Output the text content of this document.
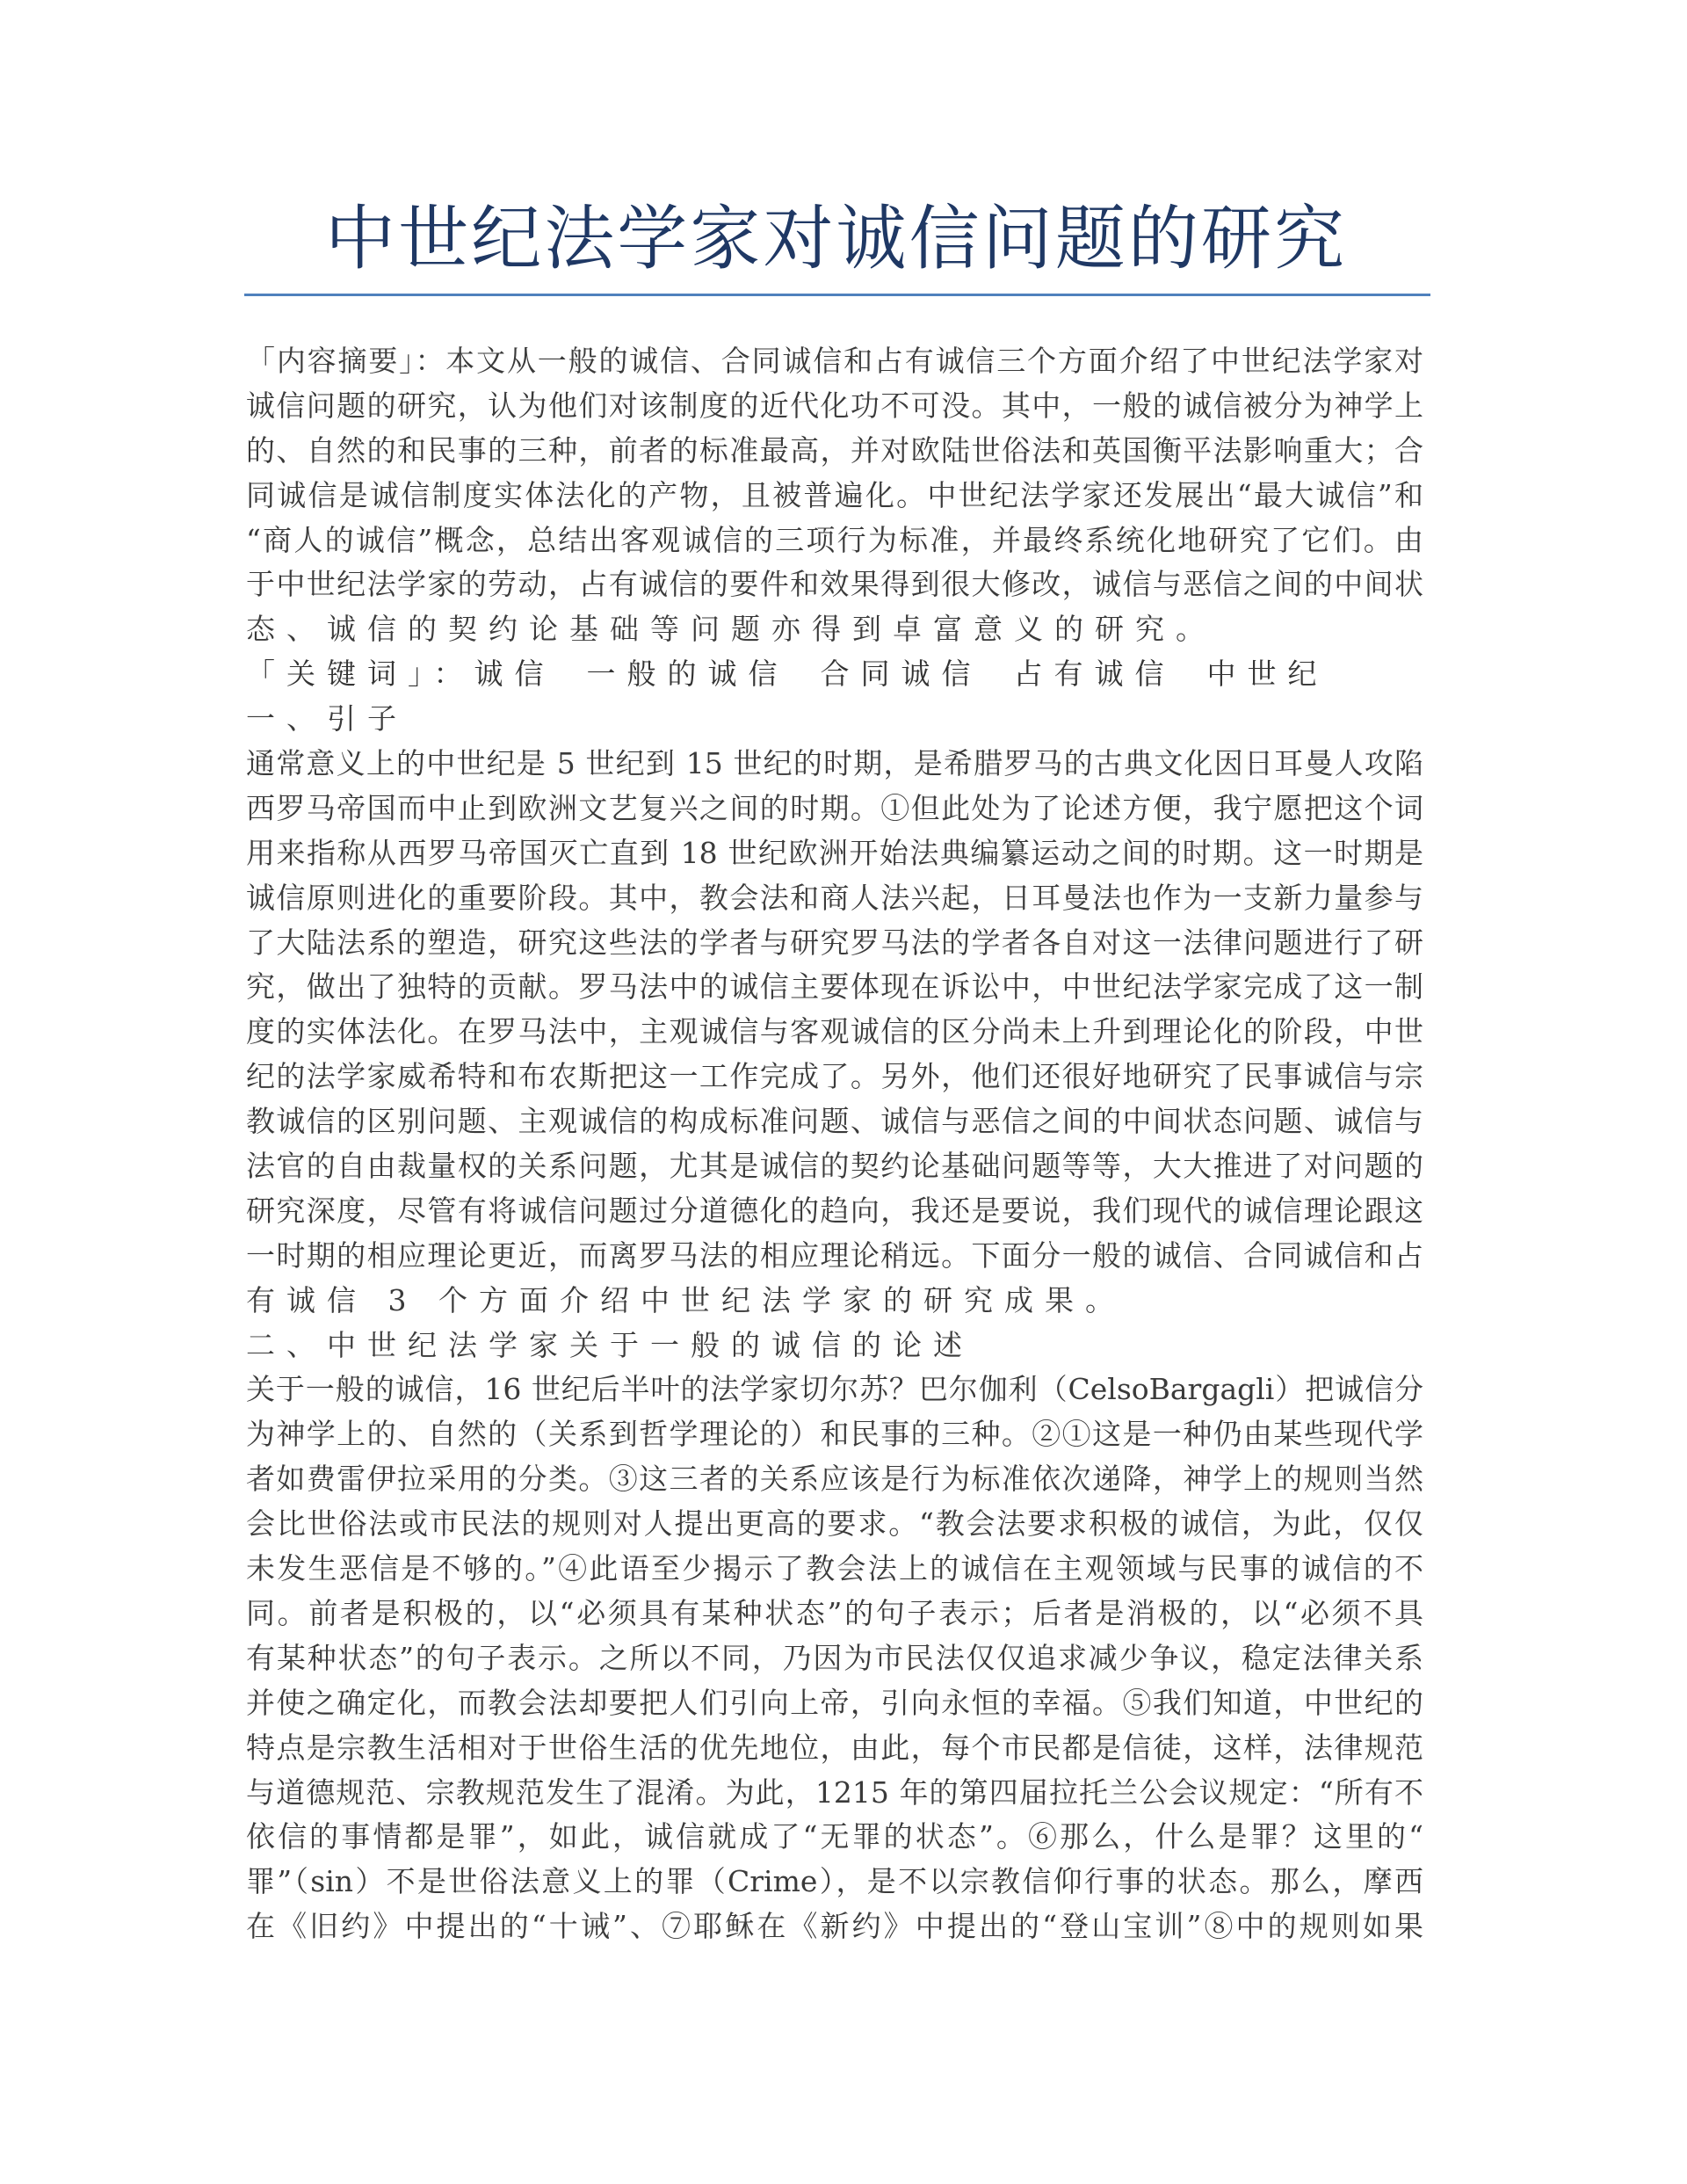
中世纪法学家对诚信问题的研究
「内容摘要」：本文从一般的诚信、合同诚信和占有诚信三个方面介绍了中世纪法学家对
诚信问题的研究，认为他们对该制度的近代化功不可没。其中，一般的诚信被分为神学上
的、自然的和民事的三种，前者的标准最高，并对欧陆世俗法和英国衡平法影响重大；合
同诚信是诚信制度实体法化的产物，且被普遍化。中世纪法学家还发展出“最大诚信”和
“商人的诚信”概念，总结出客观诚信的三项行为标准，并最终系统化地研究了它们。由
于中世纪法学家的劳动，占有诚信的要件和效果得到很大修改，诚信与恶信之间的中间状
态、诚信的契约论基础等问题亦得到卓富意义的研究。
「关键词」：诚信 一般的诚信 合同诚信 占有诚信 中世纪
一、引子
通常意义上的中世纪是 5 世纪到 15 世纪的时期，是希腊罗马的古典文化因日耳曼人攻陷
西罗马帝国而中止到欧洲文艺复兴之间的时期。①但此处为了论述方便，我宁愿把这个词
用来指称从西罗马帝国灭亡直到 18 世纪欧洲开始法典编纂运动之间的时期。这一时期是
诚信原则进化的重要阶段。其中，教会法和商人法兴起，日耳曼法也作为一支新力量参与
了大陆法系的塑造，研究这些法的学者与研究罗马法的学者各自对这一法律问题进行了研
究，做出了独特的贡献。罗马法中的诚信主要体现在诉讼中，中世纪法学家完成了这一制
度的实体法化。在罗马法中，主观诚信与客观诚信的区分尚未上升到理论化的阶段，中世
纪的法学家威希特和布农斯把这一工作完成了。另外，他们还很好地研究了民事诚信与宗
教诚信的区别问题、主观诚信的构成标准问题、诚信与恶信之间的中间状态问题、诚信与
法官的自由裁量权的关系问题，尤其是诚信的契约论基础问题等等，大大推进了对问题的
研究深度，尽管有将诚信问题过分道德化的趋向，我还是要说，我们现代的诚信理论跟这
一时期的相应理论更近，而离罗马法的相应理论稍远。下面分一般的诚信、合同诚信和占
有诚信 3 个方面介绍中世纪法学家的研究成果。
二、中世纪法学家关于一般的诚信的论述
关于一般的诚信，16 世纪后半叶的法学家切尔苏？巴尔伽利（CelsoBargagli）把诚信分
为神学上的、自然的（关系到哲学理论的）和民事的三种。②①这是一种仍由某些现代学
者如费雷伊拉采用的分类。③这三者的关系应该是行为标准依次递降，神学上的规则当然
会比世俗法或市民法的规则对人提出更高的要求。“教会法要求积极的诚信，为此，仅仅
未发生恶信是不够的。”④此语至少揭示了教会法上的诚信在主观领域与民事的诚信的不
同。前者是积极的，以“必须具有某种状态”的句子表示；后者是消极的，以“必须不具
有某种状态”的句子表示。之所以不同，乃因为市民法仅仅追求减少争议，稳定法律关系
并使之确定化，而教会法却要把人们引向上帝，引向永恒的幸福。⑤我们知道，中世纪的
特点是宗教生活相对于世俗生活的优先地位，由此，每个市民都是信徒，这样，法律规范
与道德规范、宗教规范发生了混淆。为此，1215 年的第四届拉托兰公会议规定：“所有不
依信的事情都是罪”，如此，诚信就成了“无罪的状态”。⑥那么，什么是罪？这里的“
罪”（sin）不是世俗法意义上的罪（Crime），是不以宗教信仰行事的状态。那么，摩西
在《旧约》中提出的“十诫”、⑦耶稣在《新约》中提出的“登山宝训”⑧中的规则如果
